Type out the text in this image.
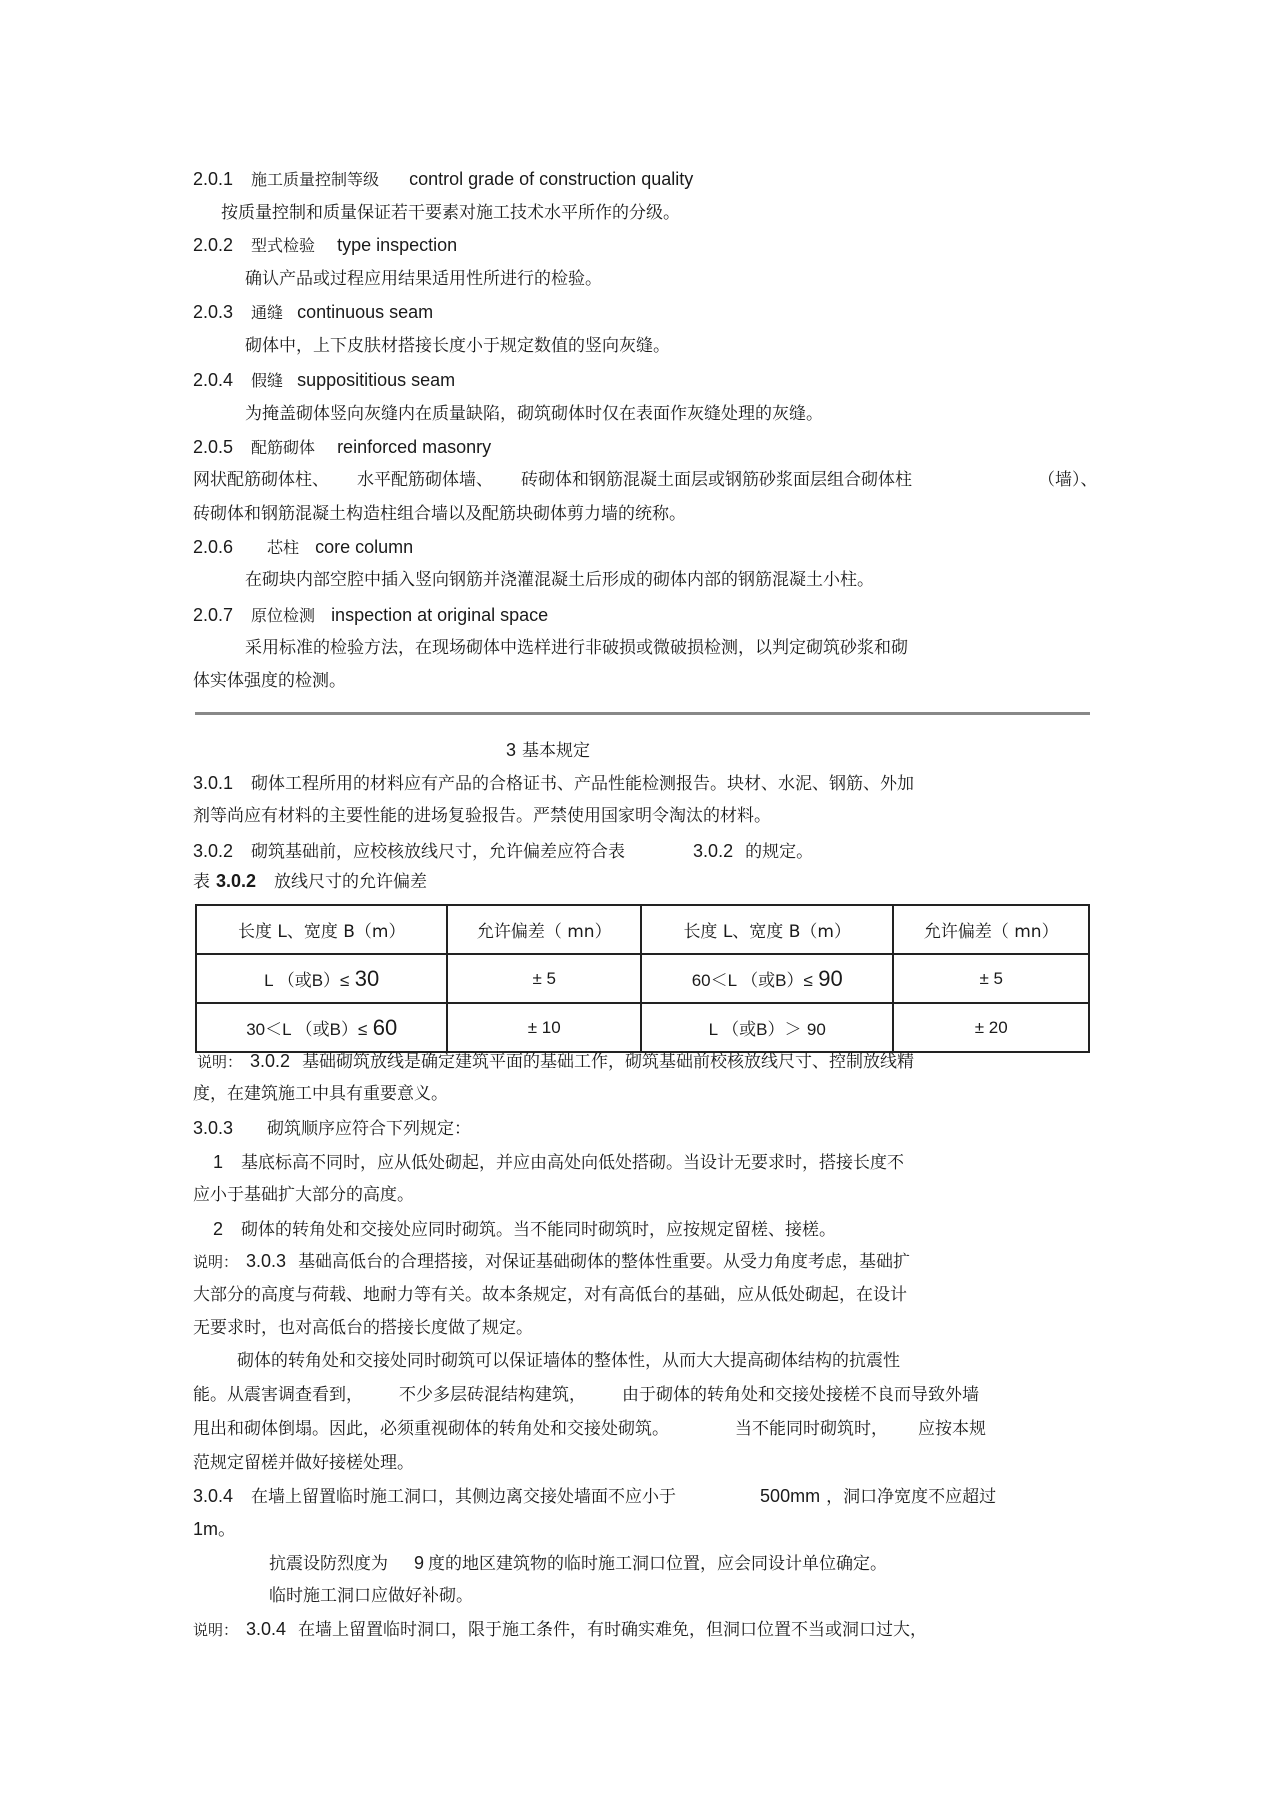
2.0.1 施工质量控制等级 control grade of construction quality
按质量控制和质量保证若干要素对施工技术水平所作的分级。
2.0.2 型式检验 type inspection
确认产品或过程应用结果适用性所进行的检验。
2.0.3 通缝 continuous seam
砌体中，上下皮肤材搭接长度小于规定数值的竖向灰缝。
2.0.4 假缝 supposititious seam
为掩盖砌体竖向灰缝内在质量缺陷，砌筑砌体时仅在表面作灰缝处理的灰缝。
2.0.5 配筋砌体 reinforced masonry
网状配筋砌体柱、 水平配筋砌体墙、 砖砌体和钢筋混凝土面层或钢筋砂浆面层组合砌体柱	（墙）、
砖砌体和钢筋混凝土构造柱组合墙以及配筋块砌体剪力墙的统称。
2.0.6 芯柱 core column
在砌块内部空腔中插入竖向钢筋并浇灌混凝土后形成的砌体内部的钢筋混凝土小柱。
2.0.7 原位检测 inspection at original space
采用标准的检验方法，在现场砌体中选样进行非破损或微破损检测，以判定砌筑砂浆和砌
体实体强度的检测。
3 基本规定
3.0.1 砌体工程所用的材料应有产品的合格证书、产品性能检测报告。块材、水泥、钢筋、外加
剂等尚应有材料的主要性能的进场复验报告。严禁使用国家明令淘汰的材料。
3.0.2 砌筑基础前，应校核放线尺寸，允许偏差应符合表	3.0.2 的规定。
表 3.0.2 放线尺寸的允许偏差
长度 L、宽度 B（m）	允许偏差（ mn）	长度 L、宽度 B（m）	允许偏差（ mn）
L （或B）≤ 30	± 5	60＜L （或B）≤ 90	± 5
30＜L （或B）≤ 60	± 10	L （或B）＞ 90	± 20
说明： 3.0.2 基础砌筑放线是确定建筑平面的基础工作，砌筑基础前校核放线尺寸、控制放线精
度，在建筑施工中具有重要意义。
3.0.3 砌筑顺序应符合下列规定：
1 基底标高不同时，应从低处砌起，并应由高处向低处搭砌。当设计无要求时，搭接长度不
应小于基础扩大部分的高度。
2 砌体的转角处和交接处应同时砌筑。当不能同时砌筑时，应按规定留槎、接槎。
说明： 3.0.3 基础高低台的合理搭接，对保证基础砌体的整体性重要。从受力角度考虑，基础扩
大部分的高度与荷载、地耐力等有关。故本条规定，对有高低台的基础，应从低处砌起，在设计
无要求时，也对高低台的搭接长度做了规定。
砌体的转角处和交接处同时砌筑可以保证墙体的整体性，从而大大提高砌体结构的抗震性
能。从震害调查看到， 不少多层砖混结构建筑， 由于砌体的转角处和交接处接槎不良而导致外墙
甩出和砌体倒塌。因此，必须重视砌体的转角处和交接处砌筑。	当不能同时砌筑时， 应按本规
范规定留槎并做好接槎处理。
3.0.4 在墙上留置临时施工洞口，其侧边离交接处墙面不应小于	500mm ，洞口净宽度不应超过
1m。
抗震设防烈度为 9 度的地区建筑物的临时施工洞口位置，应会同设计单位确定。
临时施工洞口应做好补砌。
说明： 3.0.4 在墙上留置临时洞口，限于施工条件，有时确实难免，但洞口位置不当或洞口过大，
